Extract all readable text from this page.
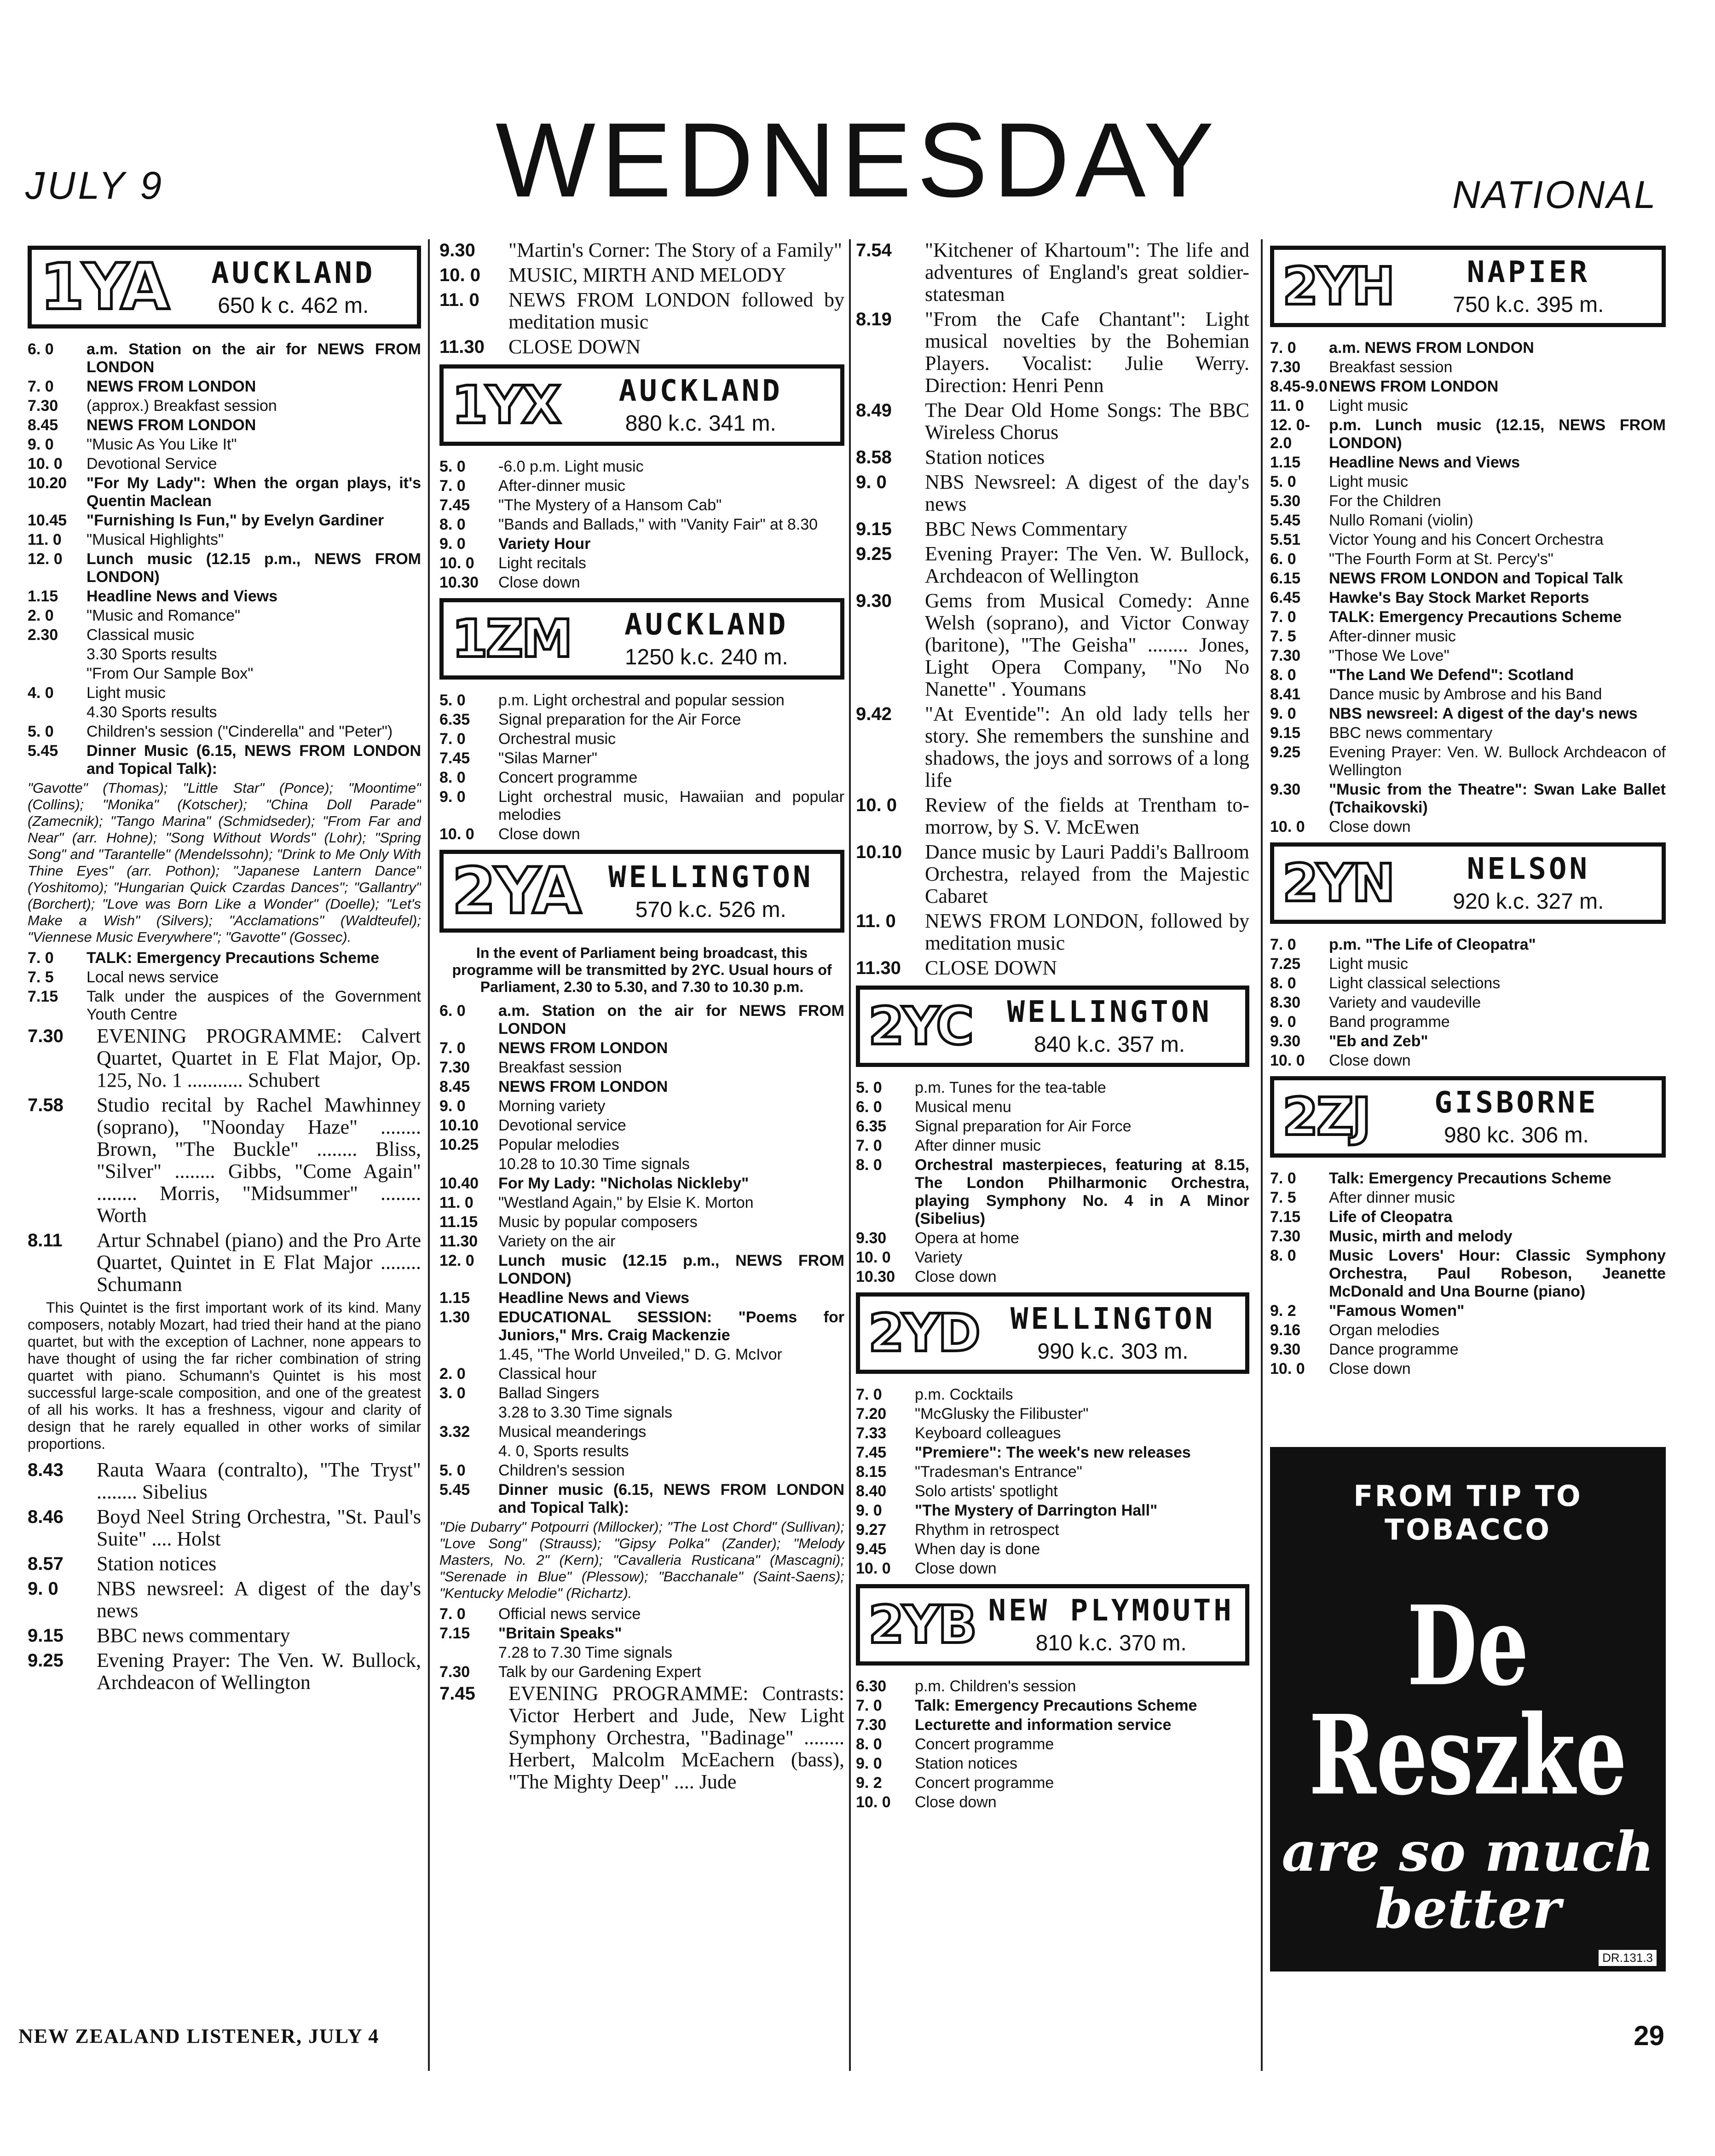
JULY 9	WEDNESDAY	NATIONAL
1YA	AUCKLAND
650 k c. 462 m.
6. 0	a.m. Station on the air for NEWS FROM LONDON
7. 0	NEWS FROM LONDON
7.30	(approx.) Breakfast session
8.45	NEWS FROM LONDON
9. 0	"Music As You Like It"
10. 0	Devotional Service
10.20	"For My Lady": When the organ plays, it's Quentin Maclean
10.45	"Furnishing Is Fun," by Evelyn Gardiner
11. 0	"Musical Highlights"
12. 0	Lunch music (12.15 p.m., NEWS FROM LONDON)
1.15	Headline News and Views
2. 0	"Music and Romance"
2.30	Classical music
3.30 Sports results
"From Our Sample Box"
4. 0	Light music
4.30 Sports results
5. 0	Children's session ("Cinderella" and "Peter")
5.45	Dinner Music (6.15, NEWS FROM LONDON and Topical Talk):
"Gavotte" (Thomas); "Little Star" (Ponce); "Moontime" (Collins); "Monika" (Kotscher); "China Doll Parade" (Zamecnik); "Tango Marina" (Schmidseder); "From Far and Near" (arr. Hohne); "Song Without Words" (Lohr); "Spring Song" and "Tarantelle" (Mendelssohn); "Drink to Me Only With Thine Eyes" (arr. Pothon); "Japanese Lantern Dance" (Yoshitomo); "Hungarian Quick Czardas Dances"; "Gallantry" (Borchert); "Love was Born Like a Wonder" (Doelle); "Let's Make a Wish" (Silvers); "Acclamations" (Waldteufel); "Viennese Music Everywhere"; "Gavotte" (Gossec).
7. 0	TALK: Emergency Precautions Scheme
7. 5	Local news service
7.15	Talk under the auspices of the Government Youth Centre
7.30	EVENING PROGRAMME: Calvert Quartet, Quartet in E Flat Major, Op. 125, No. 1 ........... Schubert
7.58	Studio recital by Rachel Mawhinney (soprano), "Noonday Haze" ........ Brown, "The Buckle" ........ Bliss, "Silver" ........ Gibbs, "Come Again" ........ Morris, "Midsummer" ........ Worth
8.11	Artur Schnabel (piano) and the Pro Arte Quartet, Quintet in E Flat Major ........ Schumann
This Quintet is the first important work of its kind. Many composers, notably Mozart, had tried their hand at the piano quartet, but with the exception of Lachner, none appears to have thought of using the far richer combination of string quartet with piano. Schumann's Quintet is his most successful large-scale composition, and one of the greatest of all his works. It has a freshness, vigour and clarity of design that he rarely equalled in other works of similar proportions.
8.43	Rauta Waara (contralto), "The Tryst" ........ Sibelius
8.46	Boyd Neel String Orchestra, "St. Paul's Suite" .... Holst
8.57	Station notices
9. 0	NBS newsreel: A digest of the day's news
9.15	BBC news commentary
9.25	Evening Prayer: The Ven. W. Bullock, Archdeacon of Wellington
9.30	"Martin's Corner: The Story of a Family"
10. 0	MUSIC, MIRTH AND MELODY
11. 0	NEWS FROM LONDON followed by meditation music
11.30	CLOSE DOWN
1YX	AUCKLAND
880 k.c. 341 m.
5. 0	-6.0 p.m. Light music
7. 0	After-dinner music
7.45	"The Mystery of a Hansom Cab"
8. 0	"Bands and Ballads," with "Vanity Fair" at 8.30
9. 0	Variety Hour
10. 0	Light recitals
10.30	Close down
1ZM	AUCKLAND
1250 k.c. 240 m.
5. 0	p.m. Light orchestral and popular session
6.35	Signal preparation for the Air Force
7. 0	Orchestral music
7.45	"Silas Marner"
8. 0	Concert programme
9. 0	Light orchestral music, Hawaiian and popular melodies
10. 0	Close down
2YA WELLINGTON
570 k.c. 526 m.
In the event of Parliament being broadcast, this programme will be transmitted by 2YC. Usual hours of Parliament, 2.30 to 5.30, and 7.30 to 10.30 p.m.
6. 0	a.m. Station on the air for NEWS FROM LONDON
7. 0	NEWS FROM LONDON
7.30	Breakfast session
8.45	NEWS FROM LONDON
9. 0	Morning variety
10.10	Devotional service
10.25	Popular melodies
10.28 to 10.30 Time signals
10.40	For My Lady: "Nicholas Nickleby"
11. 0	"Westland Again," by Elsie K. Morton
11.15	Music by popular composers
11.30	Variety on the air
12. 0	Lunch music (12.15 p.m., NEWS FROM LONDON)
1.15	Headline News and Views
1.30	EDUCATIONAL SESSION: "Poems for Juniors," Mrs. Craig Mackenzie
1.45, "The World Unveiled," D. G. McIvor
2. 0	Classical hour
3. 0	Ballad Singers
3.28 to 3.30 Time signals
3.32	Musical meanderings
4. 0, Sports results
5. 0	Children's session
5.45	Dinner music (6.15, NEWS FROM LONDON and Topical Talk):
"Die Dubarry" Potpourri (Millocker); "The Lost Chord" (Sullivan); "Love Song" (Strauss); "Gipsy Polka" (Zander); "Melody Masters, No. 2" (Kern); "Cavalleria Rusticana" (Mascagni); "Serenade in Blue" (Plessow); "Bacchanale" (Saint-Saens); "Kentucky Melodie" (Richartz).
7. 0	Official news service
7.15	"Britain Speaks"
7.28 to 7.30 Time signals
7.30	Talk by our Gardening Expert
7.45	EVENING PROGRAMME: Contrasts: Victor Herbert and Jude, New Light Symphony Orchestra, "Badinage" ........ Herbert, Malcolm McEachern (bass), "The Mighty Deep" .... Jude
7.54	"Kitchener of Khartoum": The life and adventures of England's great soldier-statesman
8.19	"From the Cafe Chantant": Light musical novelties by the Bohemian Players. Vocalist: Julie Werry. Direction: Henri Penn
8.49	The Dear Old Home Songs: The BBC Wireless Chorus
8.58	Station notices
9. 0	NBS Newsreel: A digest of the day's news
9.15	BBC News Commentary
9.25	Evening Prayer: The Ven. W. Bullock, Archdeacon of Wellington
9.30	Gems from Musical Comedy: Anne Welsh (soprano), and Victor Conway (baritone), "The Geisha" ........ Jones, Light Opera Company, "No No Nanette" . Youmans
9.42	"At Eventide": An old lady tells her story. She remembers the sunshine and shadows, the joys and sorrows of a long life
10. 0	Review of the fields at Trentham to-morrow, by S. V. McEwen
10.10	Dance music by Lauri Paddi's Ballroom Orchestra, relayed from the Majestic Cabaret
11. 0	NEWS FROM LONDON, followed by meditation music
11.30	CLOSE DOWN
2YC	WELLINGTON
840 k.c. 357 m.
5. 0	p.m. Tunes for the tea-table
6. 0	Musical menu
6.35	Signal preparation for Air Force
7. 0	After dinner music
8. 0	Orchestral masterpieces, featuring at 8.15, The London Philharmonic Orchestra, playing Symphony No. 4 in A Minor (Sibelius)
9.30	Opera at home
10. 0	Variety
10.30	Close down
2YD	WELLINGTON
990 k.c. 303 m.
7. 0	p.m. Cocktails
7.20	"McGlusky the Filibuster"
7.33	Keyboard colleagues
7.45	"Premiere": The week's new releases
8.15	"Tradesman's Entrance"
8.40	Solo artists' spotlight
9. 0	"The Mystery of Darrington Hall"
9.27	Rhythm in retrospect
9.45	When day is done
10. 0	Close down
2YB NEW PLYMOUTH
810 k.c. 370 m.
6.30	p.m. Children's session
7. 0	Talk: Emergency Precautions Scheme
7.30	Lecturette and information service
8. 0	Concert programme
9. 0	Station notices
9. 2	Concert programme
10. 0	Close down
2YH	NAPIER
750 k.c. 395 m.
7. 0	a.m. NEWS FROM LONDON
7.30	Breakfast session
8.45-9.0 NEWS FROM LONDON
11. 0	Light music
12. 0-2.0
p.m. Lunch music (12.15, NEWS FROM LONDON)
1.15	Headline News and Views
5. 0	Light music
5.30	For the Children
5.45	Nullo Romani (violin)
5.51	Victor Young and his Concert Orchestra
6. 0	"The Fourth Form at St. Percy's"
6.15	NEWS FROM LONDON and Topical Talk
6.45	Hawke's Bay Stock Market Reports
7. 0	TALK: Emergency Precautions Scheme
7. 5	After-dinner music
7.30	"Those We Love"
8. 0	"The Land We Defend": Scotland
8.41	Dance music by Ambrose and his Band
9. 0	NBS newsreel: A digest of the day's news
9.15	BBC news commentary
9.25	Evening Prayer: Ven. W. Bullock Archdeacon of Wellington
9.30	"Music from the Theatre": Swan Lake Ballet (Tchaikovski)
10. 0	Close down
2YN	NELSON
920 k.c. 327 m.
7. 0	p.m. "The Life of Cleopatra"
7.25	Light music
8. 0	Light classical selections
8.30	Variety and vaudeville
9. 0	Band programme
9.30	"Eb and Zeb"
10. 0	Close down
2ZJ	GISBORNE
980 kc. 306 m.
7. 0	Talk: Emergency Precautions Scheme
7. 5	After dinner music
7.15	Life of Cleopatra
7.30	Music, mirth and melody
8. 0	Music Lovers' Hour: Classic Symphony Orchestra, Paul Robeson, Jeanette McDonald and Una Bourne (piano)
9. 2	"Famous Women"
9.16	Organ melodies
9.30	Dance programme
10. 0	Close down
FROM TIP TO TOBACCO
De Reszke
are so much better
DR.131.3
NEW ZEALAND LISTENER, JULY 4	29
